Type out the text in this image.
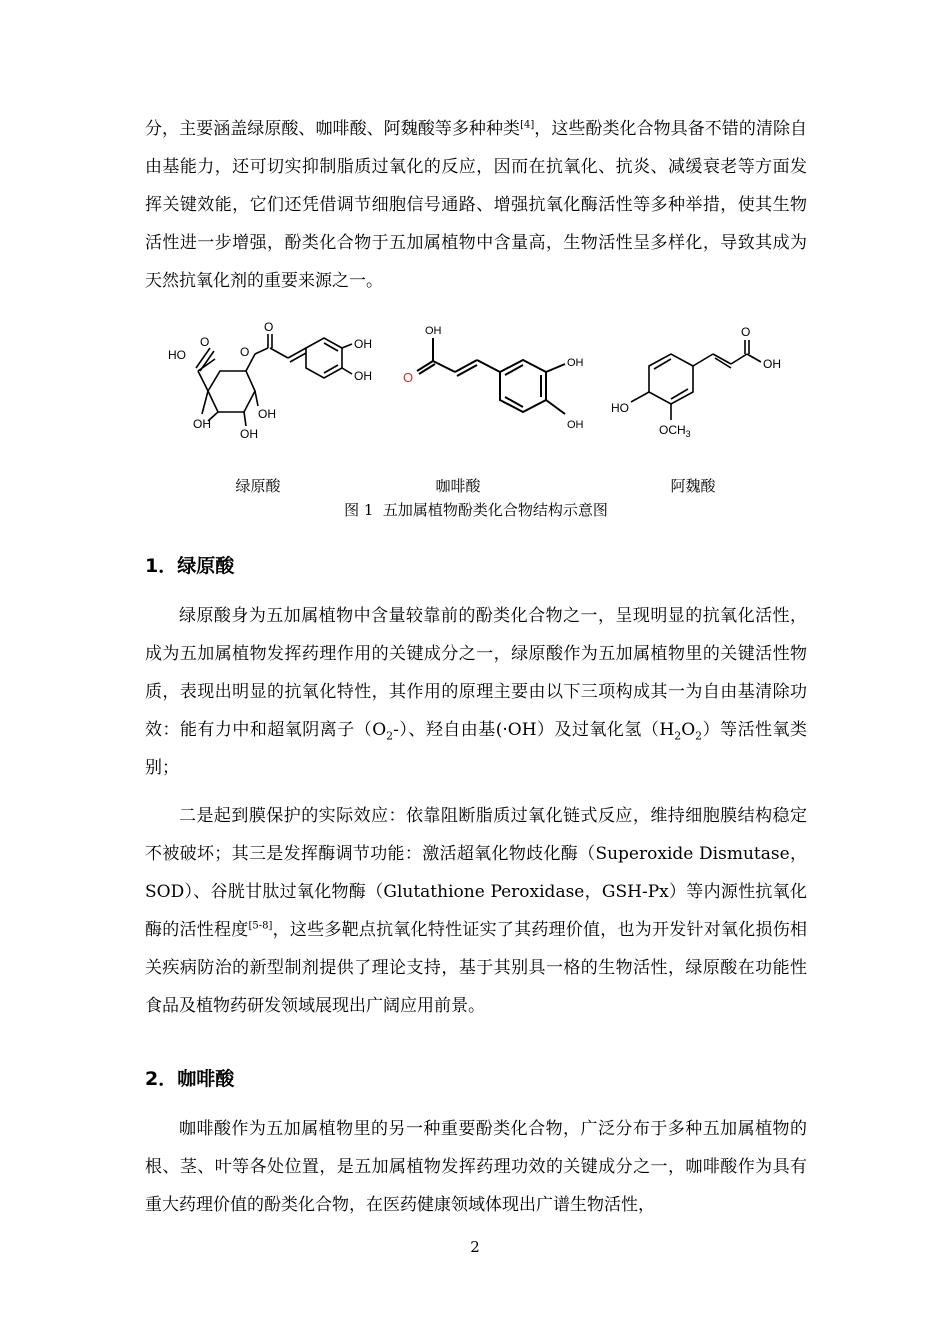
分，主要涵盖绿原酸、咖啡酸、阿魏酸等多种种类[4]，这些酚类化合物具备不错的清除自由基能力，还可切实抑制脂质过氧化的反应，因而在抗氧化、抗炎、减缓衰老等方面发挥关键效能，它们还凭借调节细胞信号通路、增强抗氧化酶活性等多种举措，使其生物活性进一步增强，酚类化合物于五加属植物中含量高，生物活性呈多样化，导致其成为天然抗氧化剂的重要来源之一。

HO
O
O
O
OH
OH
OH
OH
OH
OH
O
OH
OH
O
OH
HO
$OCH_3$
绿原酸	咖啡酸	阿魏酸
图 1  五加属植物酚类化合物结构示意图
1．绿原酸

绿原酸身为五加属植物中含量较靠前的酚类化合物之一，呈现明显的抗氧化活性，成为五加属植物发挥药理作用的关键成分之一，绿原酸作为五加属植物里的关键活性物质，表现出明显的抗氧化特性，其作用的原理主要由以下三项构成其一为自由基清除功效：能有力中和超氧阴离子$(O_2-)$、羟自由基(·OH）及过氧化氢$(H_2O_2)$等活性氧类别；

二是起到膜保护的实际效应：依靠阻断脂质过氧化链式反应，维持细胞膜结构稳定不被破坏；其三是发挥酶调节功能：激活超氧化物歧化酶（Superoxide Dismutase，SOD）、谷胱甘肽过氧化物酶（Glutathione Peroxidase，GSH-Px）等内源性抗氧化酶的活性程度[5-8]，这些多靶点抗氧化特性证实了其药理价值，也为开发针对氧化损伤相关疾病防治的新型制剂提供了理论支持，基于其别具一格的生物活性，绿原酸在功能性食品及植物药研发领域展现出广阔应用前景。

2．咖啡酸

咖啡酸作为五加属植物里的另一种重要酚类化合物，广泛分布于多种五加属植物的根、茎、叶等各处位置，是五加属植物发挥药理功效的关键成分之一，咖啡酸作为具有重大药理价值的酚类化合物，在医药健康领域体现出广谱生物活性，

2
